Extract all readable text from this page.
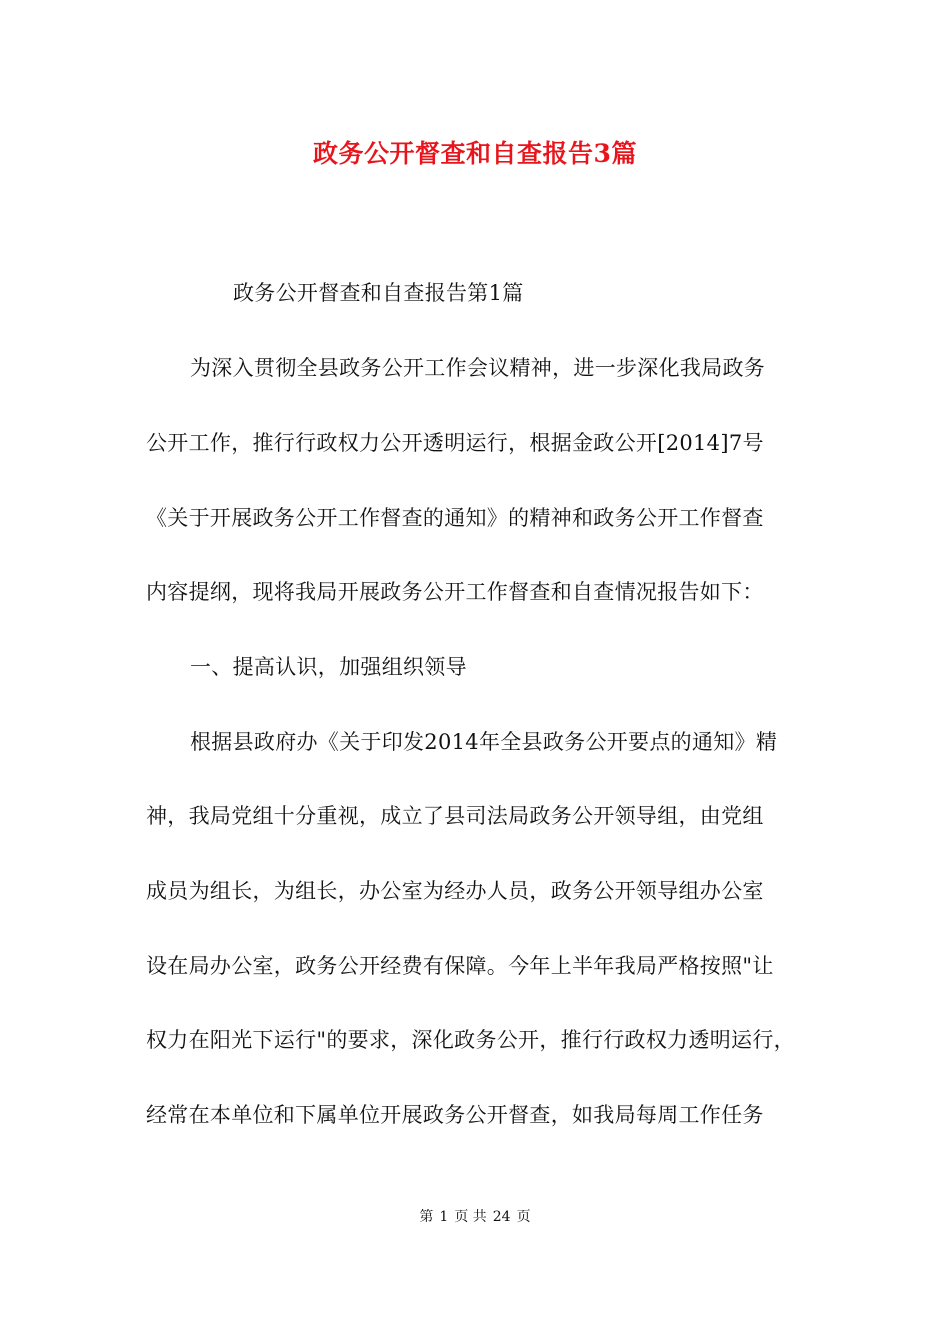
政务公开督查和自查报告3篇
政务公开督查和自查报告第1篇
为深入贯彻全县政务公开工作会议精神，进一步深化我局政务
公开工作，推行行政权力公开透明运行，根据金政公开[2014]7号
《关于开展政务公开工作督查的通知》的精神和政务公开工作督查
内容提纲，现将我局开展政务公开工作督查和自查情况报告如下：
一、提高认识，加强组织领导
根据县政府办《关于印发2014年全县政务公开要点的通知》精
神，我局党组十分重视，成立了县司法局政务公开领导组，由党组
成员为组长，为组长，办公室为经办人员，政务公开领导组办公室
设在局办公室，政务公开经费有保障。今年上半年我局严格按照"让
权力在阳光下运行"的要求，深化政务公开，推行行政权力透明运行，
经常在本单位和下属单位开展政务公开督查，如我局每周工作任务
第 1 页 共 24 页
